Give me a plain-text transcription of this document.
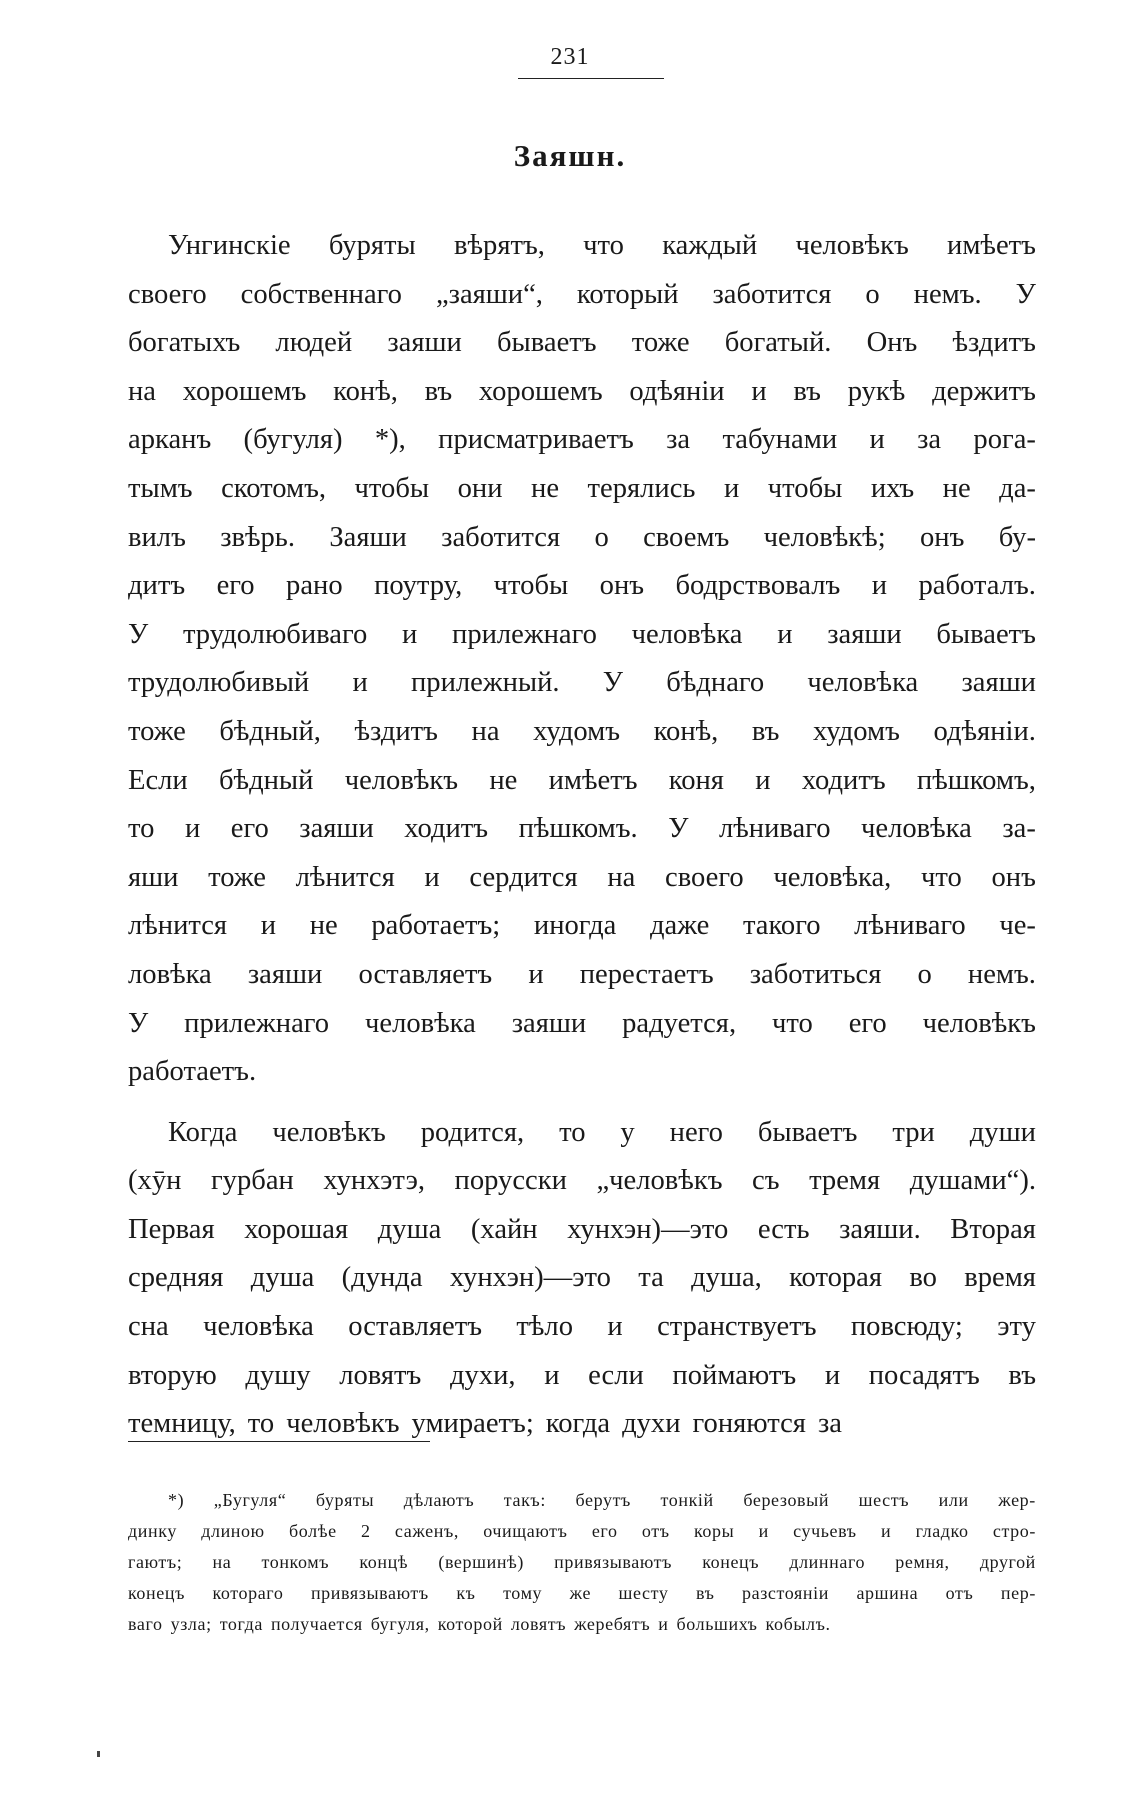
231
Заяшн.
Унгинскіе буряты вѣрятъ, что каждый человѣкъ имѣетъ
своего собственнаго „заяши“, который заботится о немъ. У
богатыхъ людей заяши бываетъ тоже богатый. Онъ ѣздитъ
на хорошемъ конѣ, въ хорошемъ одѣяніи и въ рукѣ держитъ
арканъ (бугуля) *), присматриваетъ за табунами и за рога-
тымъ скотомъ, чтобы они не терялись и чтобы ихъ не да-
вилъ звѣрь. Заяши заботится о своемъ человѣкѣ; онъ бу-
дитъ его рано поутру, чтобы онъ бодрствовалъ и работалъ.
У трудолюбиваго и прилежнаго человѣка и заяши бываетъ
трудолюбивый и прилежный. У бѣднаго человѣка заяши
тоже бѣдный, ѣздитъ на худомъ конѣ, въ худомъ одѣяніи.
Если бѣдный человѣкъ не имѣетъ коня и ходитъ пѣшкомъ,
то и его заяши ходитъ пѣшкомъ. У лѣниваго человѣка за-
яши тоже лѣнится и сердится на своего человѣка, что онъ
лѣнится и не работаетъ; иногда даже такого лѣниваго че-
ловѣка заяши оставляетъ и перестаетъ заботиться о немъ.
У прилежнаго человѣка заяши радуется, что его человѣкъ
работаетъ.
Когда человѣкъ родится, то у него бываетъ три души
(хӯн гурбан хунхэтэ, порусски „человѣкъ съ тремя душами“).
Первая хорошая душа (хайн хунхэн)—это есть заяши. Вторая
средняя душа (дунда хунхэн)—это та душа, которая во время
сна человѣка оставляетъ тѣло и странствуетъ повсюду; эту
вторую душу ловятъ духи, и если поймаютъ и посадятъ въ
темницу, то человѣкъ умираетъ; когда духи гоняются за
*) „Бугуля“ буряты дѣлаютъ такъ: берутъ тонкій березовый шестъ или жер-
динку длиною болѣе 2 саженъ, очищаютъ его отъ коры и сучьевъ и гладко стро-
гаютъ; на тонкомъ концѣ (вершинѣ) привязываютъ конецъ длиннаго ремня, другой
конецъ котораго привязываютъ къ тому же шесту въ разстояніи аршина отъ пер-
ваго узла; тогда получается бугуля, которой ловятъ жеребятъ и большихъ кобылъ.
